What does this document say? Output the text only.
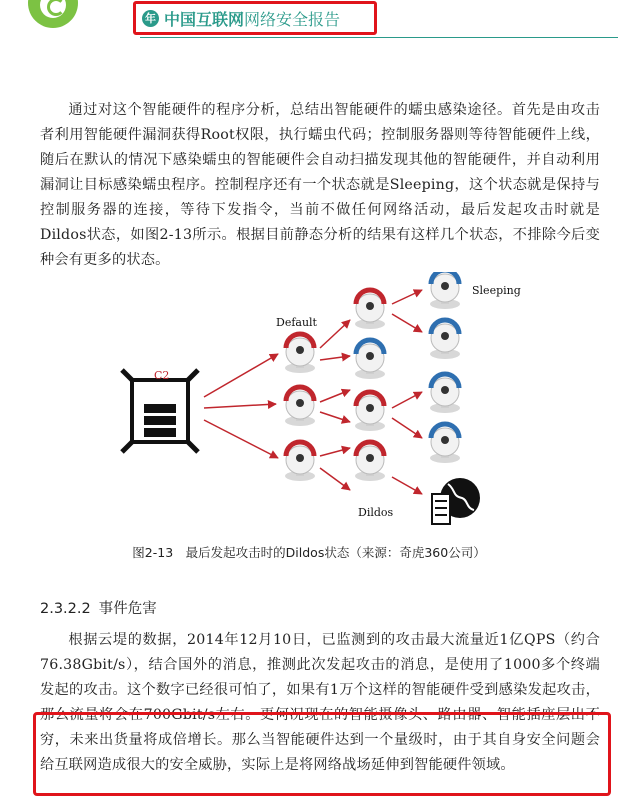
年 中国互联网 网络安全报告

通过对这个智能硬件的程序分析，总结出智能硬件的蠕虫感染途径。首先是由攻击者利用智能硬件漏洞获得Root权限，执行蠕虫代码；控制服务器则等待智能硬件上线，随后在默认的情况下感染蠕虫的智能硬件会自动扫描发现其他的智能硬件，并自动利用漏洞让目标感染蠕虫程序。控制程序还有一个状态就是Sleeping，这个状态就是保持与控制服务器的连接，等待下发指令，当前不做任何网络活动，最后发起攻击时就是Dildos状态，如图2-13所示。根据目前静态分析的结果有这样几个状态，不排除今后变种会有更多的状态。

C2
Default
Dildos
Sleeping
图2-13　最后发起攻击时的Dildos状态（来源：奇虎360公司）
2.3.2.2 事件危害

根据云堤的数据，2014年12月10日，已监测到的攻击最大流量近1亿QPS（约合76.38Gbit/s），结合国外的消息，推测此次发起攻击的消息，是使用了1000多个终端发起的攻击。这个数字已经很可怕了，如果有1万个这样的智能硬件受到感染发起攻击，那么流量将会在700Gbit/s左右。更何况现在的智能摄像头、路由器、智能插座层出不穷，未来出货量将成倍增长。那么当智能硬件达到一个量级时，由于其自身安全问题会给互联网造成很大的安全威胁，实际上是将网络战场延伸到智能硬件领域。
